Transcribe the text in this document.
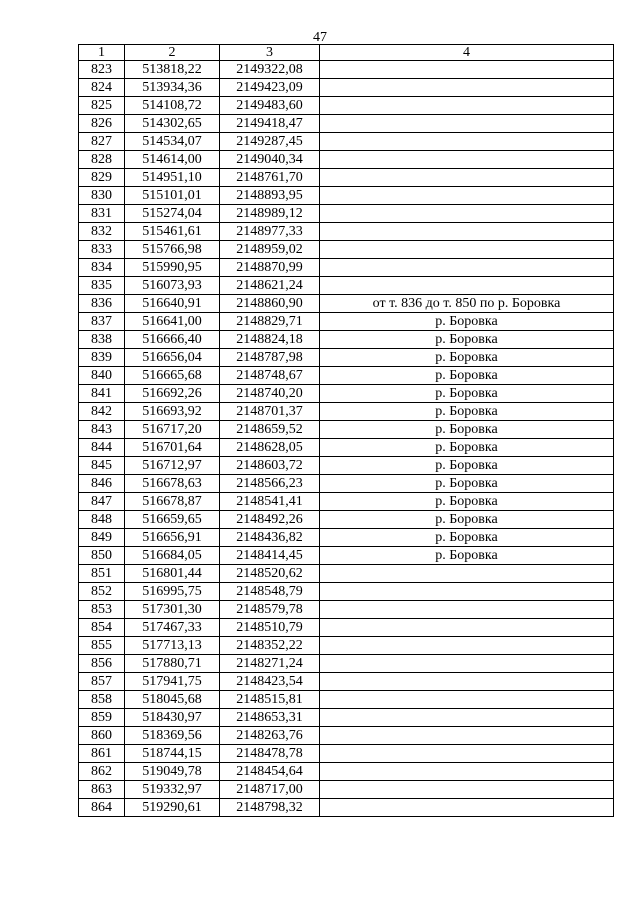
47
1	2	3	4
823	513818,22	2149322,08	
824	513934,36	2149423,09	
825	514108,72	2149483,60	
826	514302,65	2149418,47	
827	514534,07	2149287,45	
828	514614,00	2149040,34	
829	514951,10	2148761,70	
830	515101,01	2148893,95	
831	515274,04	2148989,12	
832	515461,61	2148977,33	
833	515766,98	2148959,02	
834	515990,95	2148870,99	
835	516073,93	2148621,24	
836	516640,91	2148860,90	от т. 836 до т. 850 по р. Боровка
837	516641,00	2148829,71	р. Боровка
838	516666,40	2148824,18	р. Боровка
839	516656,04	2148787,98	р. Боровка
840	516665,68	2148748,67	р. Боровка
841	516692,26	2148740,20	р. Боровка
842	516693,92	2148701,37	р. Боровка
843	516717,20	2148659,52	р. Боровка
844	516701,64	2148628,05	р. Боровка
845	516712,97	2148603,72	р. Боровка
846	516678,63	2148566,23	р. Боровка
847	516678,87	2148541,41	р. Боровка
848	516659,65	2148492,26	р. Боровка
849	516656,91	2148436,82	р. Боровка
850	516684,05	2148414,45	р. Боровка
851	516801,44	2148520,62	
852	516995,75	2148548,79	
853	517301,30	2148579,78	
854	517467,33	2148510,79	
855	517713,13	2148352,22	
856	517880,71	2148271,24	
857	517941,75	2148423,54	
858	518045,68	2148515,81	
859	518430,97	2148653,31	
860	518369,56	2148263,76	
861	518744,15	2148478,78	
862	519049,78	2148454,64	
863	519332,97	2148717,00	
864	519290,61	2148798,32	
